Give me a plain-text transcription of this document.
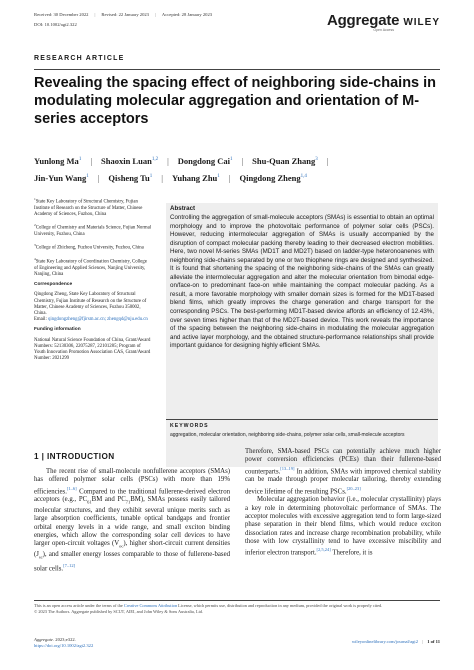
Received: 30 December 2022 | Revised: 22 January 2023 | Accepted: 28 January 2023
DOI: 10.1002/agt2.322	Aggregate WILEY
Open Access
RESEARCH ARTICLE
Revealing the spacing effect of neighboring side-chains in modulating molecular aggregation and orientation of M-series acceptors
Yunlong Ma$^1$ | Shaoxin Luan$^{1,2}$ | Dongdong Cai$^1$ | Shu-Quan Zhang$^3$ |
Jin-Yun Wang$^1$ | Qisheng Tu$^1$ | Yuhang Zhu$^1$ | Qingdong Zheng$^{1,4}$

$^1$State Key Laboratory of Structural Chemistry, Fujian Institute of Research on the Structure of Matter, Chinese Academy of Sciences, Fuzhou, China

$^2$College of Chemistry and Materials Science, Fujian Normal University, Fuzhou, China

$^3$College of Zhicheng, Fuzhou University, Fuzhou, China

$^4$State Key Laboratory of Coordination Chemistry, College of Engineering and Applied Sciences, Nanjing University, Nanjing, China

Correspondence

Qingdong Zheng, State Key Laboratory of Structural Chemistry, Fujian Institute of Research on the Structure of Matter, Chinese Academy of Sciences, Fuzhou 350002, China.
Email: qingdongzheng@fjirsm.ac.cn; zhengqd@nju.edu.cn

Funding information

National Natural Science Foundation of China, Grant/Award Numbers: 52130306, 22075287, 22101285; Program of Youth Innovation Promotion Association CAS, Grant/Award Number: 2021299

Abstract
Controlling the aggregation of small-molecule acceptors (SMAs) is essential to obtain an optimal morphology and to improve the photovoltaic performance of polymer solar cells (PSCs). However, reducing intermolecular aggregation of SMAs is usually accompanied by the disruption of compact molecular packing thereby leading to their decreased electron mobilities. Here, two novel M-series SMAs (MD1T and MD2T) based on ladder-type heteronoanenes with neighboring side-chains separated by one or two thiophene rings are designed and synthesized. It is found that shortening the spacing of the neighboring side-chains of the SMAs can greatly alleviate the intermolecular aggregation and alter the molecular orientation from bimodal edge-on/face-on to predominant face-on while maintaining the compact molecular packing. As a result, a more favorable morphology with smaller domain sizes is formed for the MD1T-based blend films, which greatly improves the charge generation and charge transport for the corresponding PSCs. The best-performing MD1T-based device affords an efficiency of 12.43%, over seven times higher than that of the MD2T-based device. This work reveals the importance of the spacing between the neighboring side-chains in modulating the molecular aggregation and active layer morphology, and the obtained structure-performance relationships shall provide important guidance for designing highly efficient SMAs.
KEYWORDS
aggregation, molecular orientation, neighboring side-chains, polymer solar cells, small-molecule acceptors
1 | INTRODUCTION

The recent rise of small-molecule nonfullerene acceptors (SMAs) has offered polymer solar cells (PSCs) with more than 19% efficiencies.[1–6] Compared to the traditional fullerene-derived electron acceptors (e.g., $PC_{61}BM$ and $PC_{71}BM$), SMAs possess easily tailored molecular structures, and they exhibit several unique merits such as large absorption coefficients, tunable optical bandgaps and frontier orbital energy levels in a wide range, and small exciton binding energies, which allow the corresponding solar cell devices to have larger open-circuit voltages $(V_{oc})$, higher short-circuit current densities $(J_{sc})$, and smaller energy losses comparable to those of fullerene-based solar cells.[7–12]

Therefore, SMA-based PSCs can potentially achieve much higher power conversion efficiencies (PCEs) than their fullerene-based counterparts.[13–19] In addition, SMAs with improved chemical stability can be made through proper molecular tailoring, thereby extending device lifetime of the resulting PSCs.[20–23]

Molecular aggregation behavior (i.e., molecular crystallinity) plays a key role in determining photovoltaic performance of SMAs. The acceptor molecules with excessive aggregation tend to form large-sized phase separation in their blend films, which would reduce exciton dissociation rates and increase charge recombination probability, while those with low crystallinity tend to have excessive miscibility and inferior electron transport.[2,5,24] Therefore, it is

This is an open access article under the terms of the Creative Commons Attribution License, which permits use, distribution and reproduction in any medium, provided the original work is properly cited.
© 2023 The Authors. Aggregate published by SCUT, AIEI, and John Wiley & Sons Australia, Ltd.
Aggregate. 2023;e322.
https://doi.org/10.1002/agt2.322
wileyonlinelibrary.com/journal/agt2 | 1 of 11
